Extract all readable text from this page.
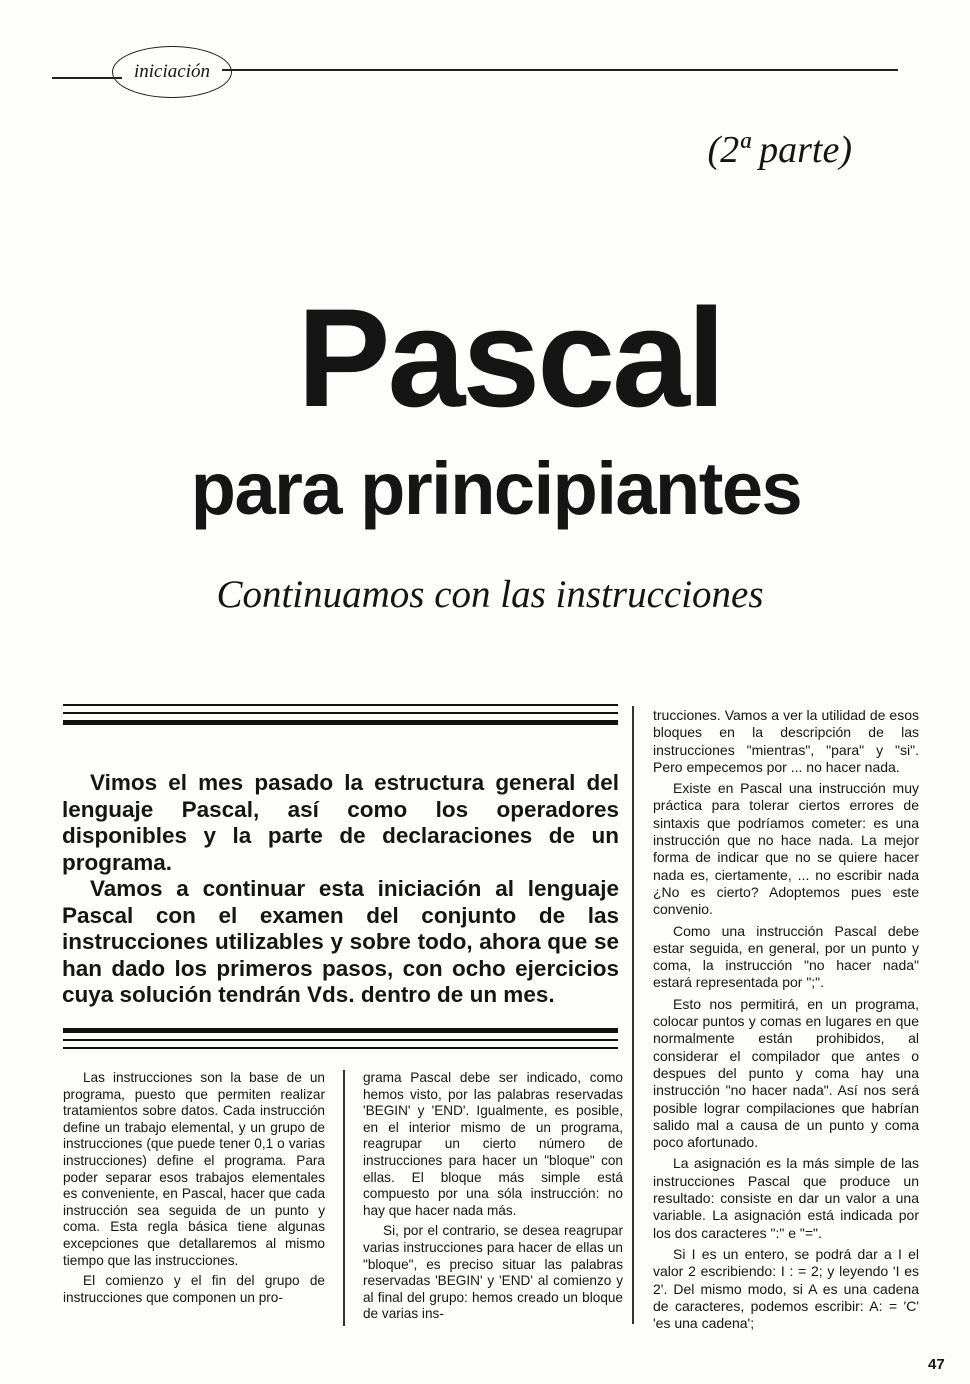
iniciación
(2ª parte)
Pascal
para principiantes
Continuamos con las instrucciones

Vimos el mes pasado la estructura general del lenguaje Pascal, así como los operadores disponibles y la parte de declaraciones de un programa.

Vamos a continuar esta iniciación al lenguaje Pascal con el examen del conjunto de las instrucciones utilizables y sobre todo, ahora que se han dado los primeros pasos, con ocho ejercicios cuya solución tendrán Vds. dentro de un mes.

Las instrucciones son la base de un programa, puesto que permiten realizar tratamientos sobre datos. Cada instrucción define un trabajo elemental, y un grupo de instrucciones (que puede tener 0,1 o varias instrucciones) define el programa. Para poder separar esos trabajos elementales es conveniente, en Pascal, hacer que cada instrucción sea seguida de un punto y coma. Esta regla básica tiene algunas excepciones que detallaremos al mismo tiempo que las instrucciones.

El comienzo y el fin del grupo de instrucciones que componen un pro-

grama Pascal debe ser indicado, como hemos visto, por las palabras reservadas 'BEGIN' y 'END'. Igualmente, es posible, en el interior mismo de un programa, reagrupar un cierto número de instrucciones para hacer un "bloque" con ellas. El bloque más simple está compuesto por una sóla instrucción: no hay que hacer nada más.

Si, por el contrario, se desea reagrupar varias instrucciones para hacer de ellas un "bloque", es preciso situar las palabras reservadas 'BEGIN' y 'END' al comienzo y al final del grupo: hemos creado un bloque de varias ins-

trucciones. Vamos a ver la utilidad de esos bloques en la descripción de las instrucciones "mientras", "para" y "si". Pero empecemos por ... no hacer nada.

Existe en Pascal una instrucción muy práctica para tolerar ciertos errores de sintaxis que podríamos cometer: es una instrucción que no hace nada. La mejor forma de indicar que no se quiere hacer nada es, ciertamente, ... no escribir nada ¿No es cierto? Adoptemos pues este convenio.

Como una instrucción Pascal debe estar seguida, en general, por un punto y coma, la instrucción "no hacer nada" estará representada por ";".

Esto nos permitirá, en un programa, colocar puntos y comas en lugares en que normalmente están prohibidos, al considerar el compilador que antes o despues del punto y coma hay una instrucción "no hacer nada". Así nos será posible lograr compilaciones que habrían salido mal a causa de un punto y coma poco afortunado.

La asignación es la más simple de las instrucciones Pascal que produce un resultado: consiste en dar un valor a una variable. La asignación está indicada por los dos caracteres ":" e "=".

Si I es un entero, se podrá dar a I el valor 2 escribiendo: I : = 2; y leyendo 'I es 2'. Del mismo modo, si A es una cadena de caracteres, podemos escribir: A: = 'C' 'es una cadena';

47
